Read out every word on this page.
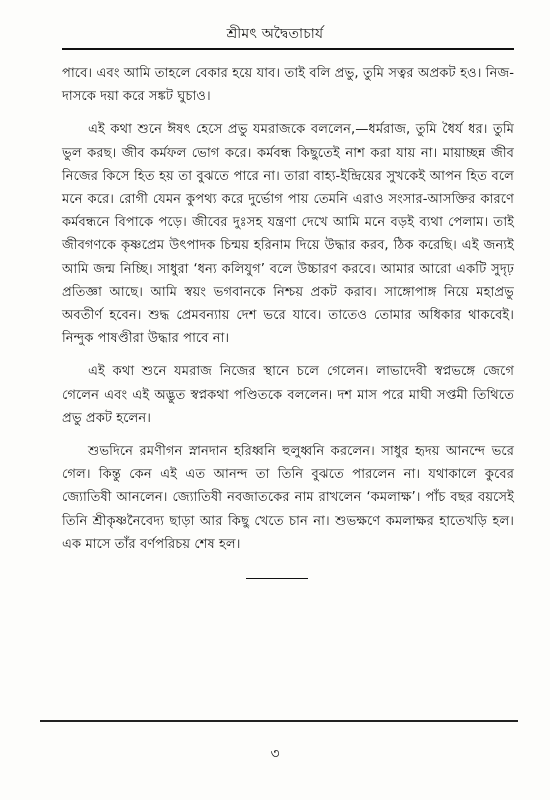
শ্রীমৎ অদ্বৈতাচার্য

পাবে। এবং আমি তাহলে বেকার হয়ে যাব। তাই বলি প্রভু, তুমি সত্বর অপ্রকট হও। নিজ-দাসকে দয়া করে সঙ্কট ঘুচাও।

এই কথা শুনে ঈষৎ হেসে প্রভু যমরাজকে বললেন,—ধর্মরাজ, তুমি ধৈর্য ধর। তুমি ভুল করছ। জীব কর্মফল ভোগ করে। কর্মবন্ধ কিছুতেই নাশ করা যায় না। মায়াচ্ছন্ন জীব নিজের কিসে হিত হয় তা বুঝতে পারে না। তারা বাহ্য-ইন্দ্রিয়ের সুখকেই আপন হিত বলে মনে করে। রোগী যেমন কুপথ্য করে দুর্ভোগ পায় তেমনি এরাও সংসার-আসক্তির কারণে কর্মবন্ধনে বিপাকে পড়ে। জীবের দুঃসহ যন্ত্রণা দেখে আমি মনে বড়ই ব্যথা পেলাম। তাই জীবগণকে কৃষ্ণপ্রেম উৎপাদক চিন্ময় হরিনাম দিয়ে উদ্ধার করব, ঠিক করেছি। এই জন্যই আমি জন্ম নিচ্ছি। সাধুরা ‘ধন্য কলিযুগ’ বলে উচ্চারণ করবে। আমার আরো একটি সুদৃঢ় প্রতিজ্ঞা আছে। আমি স্বয়ং ভগবানকে নিশ্চয় প্রকট করাব। সাঙ্গোপাঙ্গ নিয়ে মহাপ্রভু অবতীর্ণ হবেন। শুদ্ধ প্রেমবন্যায় দেশ ভরে যাবে। তাতেও তোমার অধিকার থাকবেই। নিন্দুক পাষণ্ডীরা উদ্ধার পাবে না।

এই কথা শুনে যমরাজ নিজের স্থানে চলে গেলেন। লাভাদেবী স্বপ্নভঙ্গে জেগে গেলেন এবং এই অদ্ভুত স্বপ্নকথা পণ্ডিতকে বললেন। দশ মাস পরে মাঘী সপ্তমী তিথিতে প্রভু প্রকট হলেন।

শুভদিনে রমণীগন স্নানদান হরিধ্বনি হুলুধ্বনি করলেন। সাধুর হৃদয় আনন্দে ভরে গেল। কিন্তু কেন এই এত আনন্দ তা তিনি বুঝতে পারলেন না। যথাকালে কুবের জ্যোতিষী আনলেন। জ্যোতিষী নবজাতকের নাম রাখলেন ‘কমলাক্ষ’। পাঁচ বছর বয়সেই তিনি শ্রীকৃষ্ণনৈবেদ্য ছাড়া আর কিছু খেতে চান না। শুভক্ষণে কমলাক্ষর হাতেখড়ি হল। এক মাসে তাঁর বর্ণপরিচয় শেষ হল।

৩
